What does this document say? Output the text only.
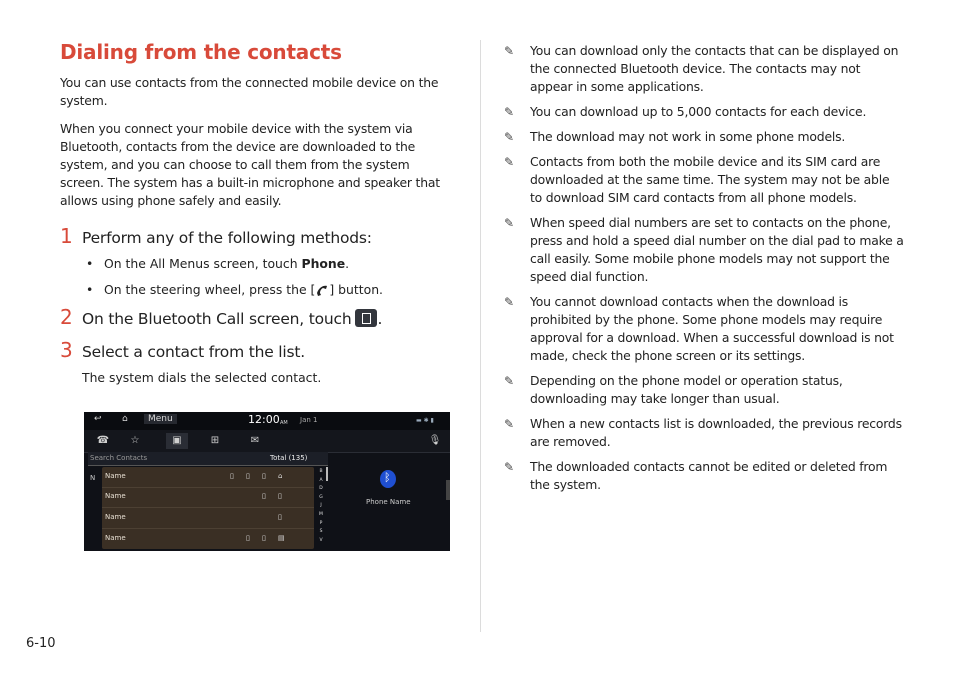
Dialing from the contacts

You can use contacts from the connected mobile device on the system.

When you connect your mobile device with the system via Bluetooth, contacts from the device are downloaded to the system, and you can choose to call them from the system screen. The system has a built-in microphone and speaker that allows using phone safely and easily.

1 Perform any of the following methods:
• On the All Menus screen, touch Phone.
• On the steering wheel, press the [ ] button.
2 On the Bluetooth Call screen, touch .
3 Select a contact from the list.
The system dials the selected contact.
↩ ⌂	Menu	12:00 AM Jan 1	▬ ✱ ▮
☎	☆	▣	⊞	✉	🎙
Search Contacts	Total (135)
N Name	▯ ▯ ▯ ⌂
Name	▯ ▯
Name	▯
Name	▯ ▯ ▤
B
A
D
G
J
M
P
S
V
ᛒ
Phone Name
✎	You can download only the contacts that can be displayed on the connected Bluetooth device. The contacts may not appear in some applications.
✎	You can download up to 5,000 contacts for each device.
✎	The download may not work in some phone models.
✎	Contacts from both the mobile device and its SIM card are downloaded at the same time. The system may not be able to download SIM card contacts from all phone models.
✎	When speed dial numbers are set to contacts on the phone, press and hold a speed dial number on the dial pad to make a call easily. Some mobile phone models may not support the speed dial function.
✎	You cannot download contacts when the download is prohibited by the phone. Some phone models may require approval for a download. When a successful download is not made, check the phone screen or its settings.
✎	Depending on the phone model or operation status, downloading may take longer than usual.
✎	When a new contacts list is downloaded, the previous records are removed.
✎	The downloaded contacts cannot be edited or deleted from the system.
6-10
